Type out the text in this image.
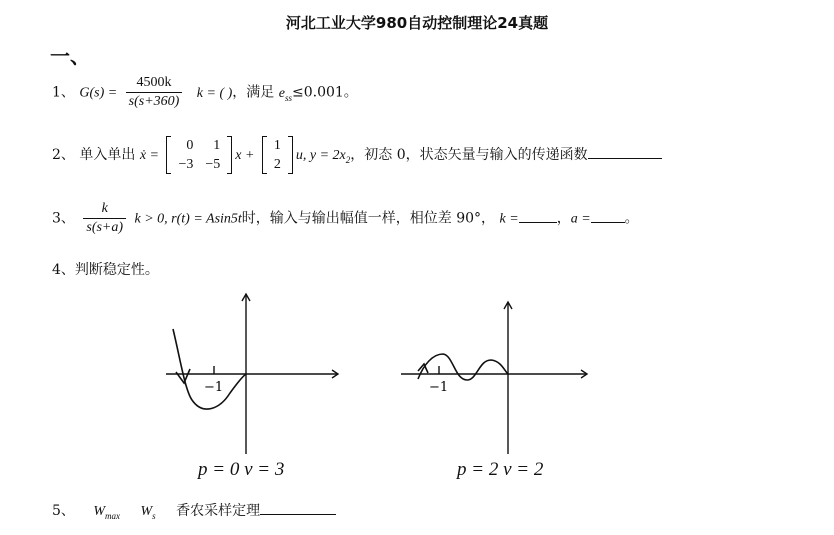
河北工业大学980自动控制理论24真题
一、
1、 $G(s) = \frac{4500k}{s(s+360)}$ k = ( )，满足 $e_{ss}\le 0.001$。
2、 单入单出 ẋ =
0	1
−3	−5
x +
1
2
u, $y = 2x_2$，初态 0，状态矢量与输入的传递函数
3、 $\frac{k}{s(s+a)}$ k > 0, r(t) = Asin5t时，输入与输出幅值一样，相位差 90°， k =	，a = 。
4、判断稳定性。
−1
p = 0 v = 3
−1
p = 2 v = 2
5、 $W_{max}$ $W_s$ 香农采样定理
